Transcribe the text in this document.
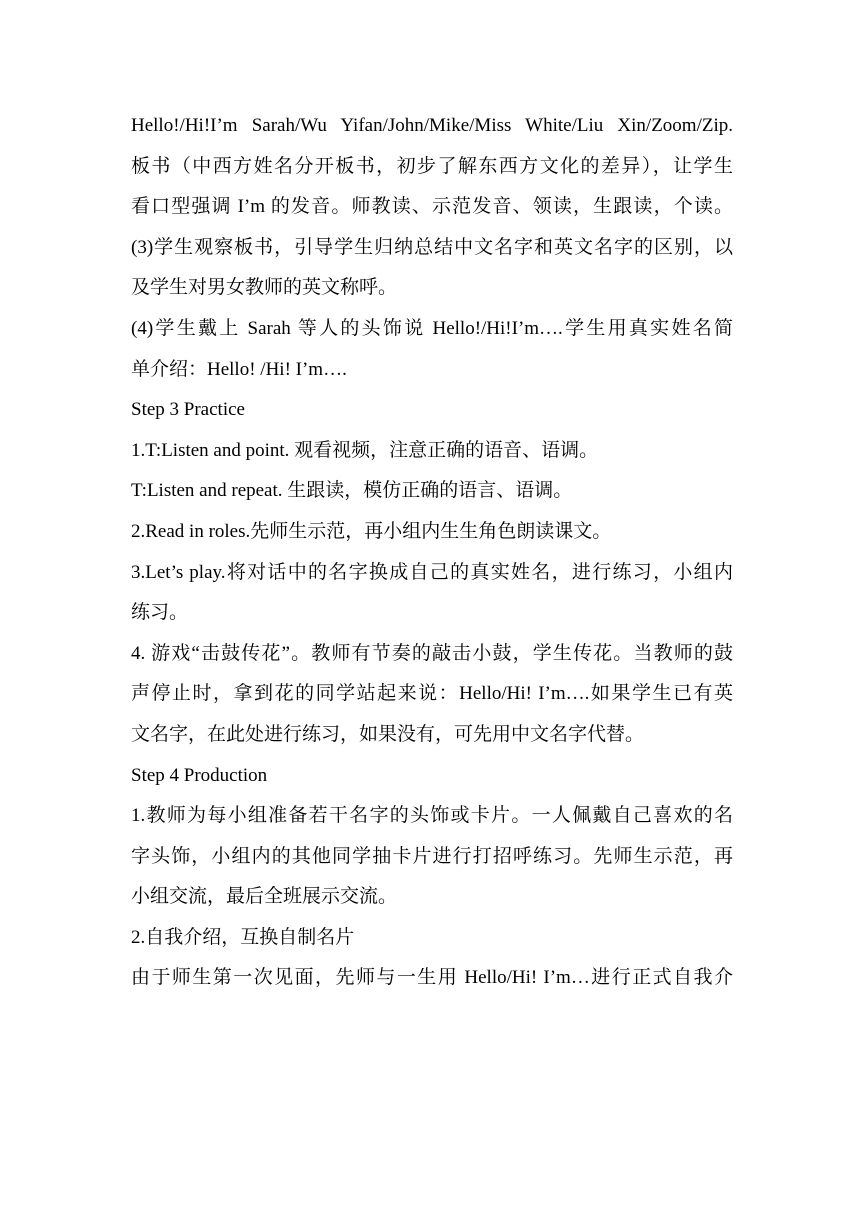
Hello!/Hi!I’m Sarah/Wu Yifan/John/Mike/Miss White/Liu Xin/Zoom/Zip.
板书（中西方姓名分开板书，初步了解东西方文化的差异），让学生
看口型强调 I’m 的发音。师教读、示范发音、领读，生跟读，个读。
(3)学生观察板书，引导学生归纳总结中文名字和英文名字的区别，以
及学生对男女教师的英文称呼。
(4)学生戴上 Sarah 等人的头饰说 Hello!/Hi!I’m….学生用真实姓名简
单介绍：Hello! /Hi! I’m….
Step 3 Practice
1.T:Listen and point. 观看视频，注意正确的语音、语调。
T:Listen and repeat. 生跟读，模仿正确的语言、语调。
2.Read in roles.先师生示范，再小组内生生角色朗读课文。
3.Let’s play.将对话中的名字换成自己的真实姓名，进行练习，小组内
练习。
4. 游戏“击鼓传花”。教师有节奏的敲击小鼓，学生传花。当教师的鼓
声停止时，拿到花的同学站起来说：Hello/Hi! I’m….如果学生已有英
文名字，在此处进行练习，如果没有，可先用中文名字代替。
Step 4 Production
1.教师为每小组准备若干名字的头饰或卡片。一人佩戴自己喜欢的名
字头饰，小组内的其他同学抽卡片进行打招呼练习。先师生示范，再
小组交流，最后全班展示交流。
2.自我介绍，互换自制名片
由于师生第一次见面，先师与一生用 Hello/Hi! I’m…进行正式自我介
